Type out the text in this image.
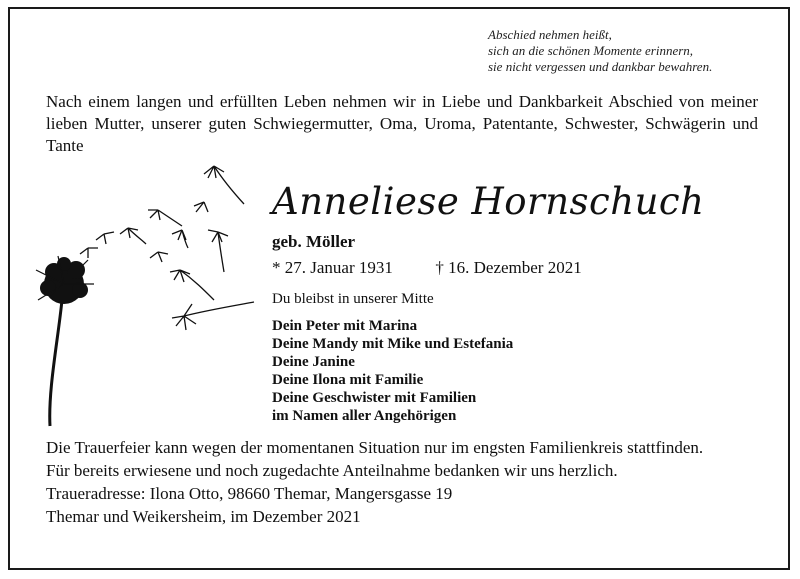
Abschied nehmen heißt,
sich an die schönen Momente erinnern,
sie nicht vergessen und dankbar bewahren.
Nach einem langen und erfüllten Leben nehmen wir in Liebe und Dankbarkeit Abschied von meiner lieben Mutter, unserer guten Schwiegermutter, Oma, Uroma, Patentante, Schwester, Schwägerin und Tante
Anneliese Hornschuch
geb. Möller
* 27. Januar 1931	† 16. Dezember 2021
Du bleibst in unserer Mitte
Dein Peter mit Marina
Deine Mandy mit Mike und Estefania
Deine Janine
Deine Ilona mit Familie
Deine Geschwister mit Familien
im Namen aller Angehörigen

Die Trauerfeier kann wegen der momentanen Situation nur im engsten Familienkreis stattfinden.

Für bereits erwiesene und noch zugedachte Anteilnahme bedanken wir uns herzlich.

Traueradresse: Ilona Otto, 98660 Themar, Mangersgasse 19

Themar und Weikersheim, im Dezember 2021
